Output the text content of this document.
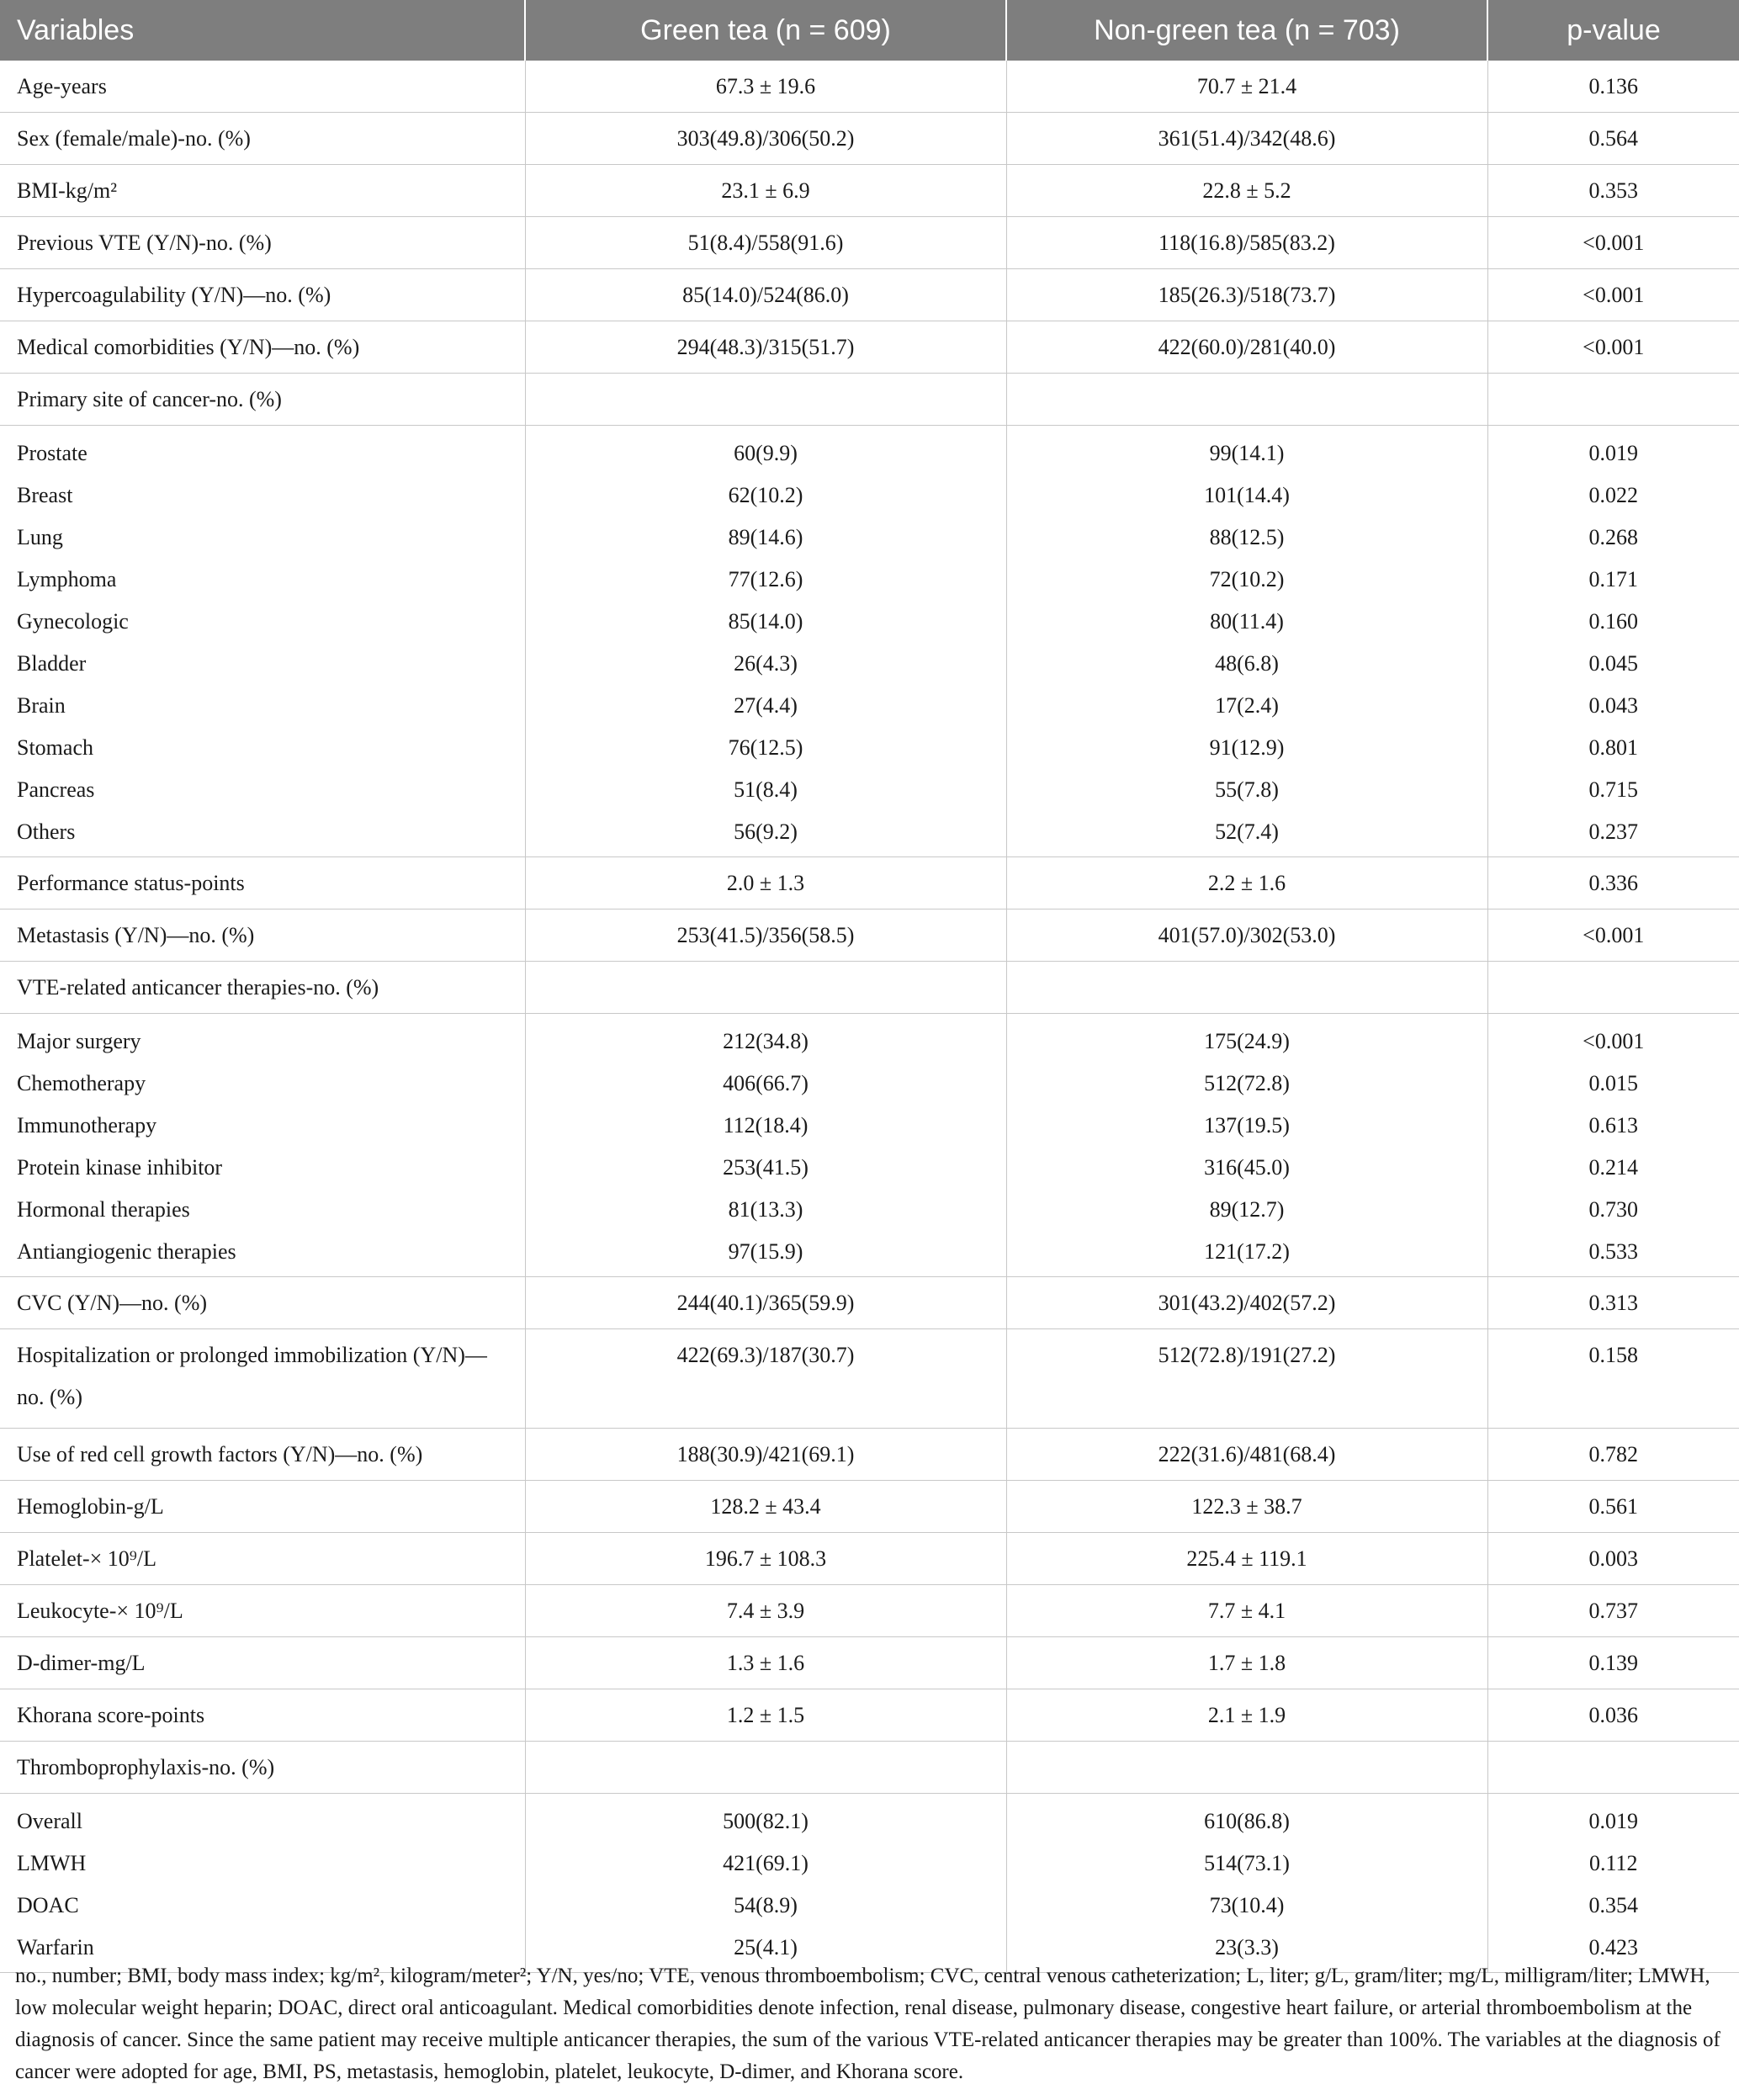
Variables	Green tea (n = 609)	Non-green tea (n = 703)	p-value
Age-years	67.3 ± 19.6	70.7 ± 21.4	0.136
Sex (female/male)-no. (%)	303(49.8)/306(50.2)	361(51.4)/342(48.6)	0.564
BMI-kg/m²	23.1 ± 6.9	22.8 ± 5.2	0.353
Previous VTE (Y/N)-no. (%)	51(8.4)/558(91.6)	118(16.8)/585(83.2)	<0.001
Hypercoagulability (Y/N)—no. (%)	85(14.0)/524(86.0)	185(26.3)/518(73.7)	<0.001
Medical comorbidities (Y/N)—no. (%)	294(48.3)/315(51.7)	422(60.0)/281(40.0)	<0.001
Primary site of cancer-no. (%)			
Prostate	60(9.9)	99(14.1)	0.019
Breast	62(10.2)	101(14.4)	0.022
Lung	89(14.6)	88(12.5)	0.268
Lymphoma	77(12.6)	72(10.2)	0.171
Gynecologic	85(14.0)	80(11.4)	0.160
Bladder	26(4.3)	48(6.8)	0.045
Brain	27(4.4)	17(2.4)	0.043
Stomach	76(12.5)	91(12.9)	0.801
Pancreas	51(8.4)	55(7.8)	0.715
Others	56(9.2)	52(7.4)	0.237
Performance status-points	2.0 ± 1.3	2.2 ± 1.6	0.336
Metastasis (Y/N)—no. (%)	253(41.5)/356(58.5)	401(57.0)/302(53.0)	<0.001
VTE-related anticancer therapies-no. (%)			
Major surgery	212(34.8)	175(24.9)	<0.001
Chemotherapy	406(66.7)	512(72.8)	0.015
Immunotherapy	112(18.4)	137(19.5)	0.613
Protein kinase inhibitor	253(41.5)	316(45.0)	0.214
Hormonal therapies	81(13.3)	89(12.7)	0.730
Antiangiogenic therapies	97(15.9)	121(17.2)	0.533
CVC (Y/N)—no. (%)	244(40.1)/365(59.9)	301(43.2)/402(57.2)	0.313
Hospitalization or prolonged immobilization (Y/N)—no. (%)	422(69.3)/187(30.7)	512(72.8)/191(27.2)	0.158
Use of red cell growth factors (Y/N)—no. (%)	188(30.9)/421(69.1)	222(31.6)/481(68.4)	0.782
Hemoglobin-g/L	128.2 ± 43.4	122.3 ± 38.7	0.561
Platelet-× 10⁹/L	196.7 ± 108.3	225.4 ± 119.1	0.003
Leukocyte-× 10⁹/L	7.4 ± 3.9	7.7 ± 4.1	0.737
D-dimer-mg/L	1.3 ± 1.6	1.7 ± 1.8	0.139
Khorana score-points	1.2 ± 1.5	2.1 ± 1.9	0.036
Thromboprophylaxis-no. (%)			
Overall	500(82.1)	610(86.8)	0.019
LMWH	421(69.1)	514(73.1)	0.112
DOAC	54(8.9)	73(10.4)	0.354
Warfarin	25(4.1)	23(3.3)	0.423
no., number; BMI, body mass index; kg/m², kilogram/meter²; Y/N, yes/no; VTE, venous thromboembolism; CVC, central venous catheterization; L, liter; g/L, gram/liter; mg/L, milligram/liter; LMWH, low molecular weight heparin; DOAC, direct oral anticoagulant. Medical comorbidities denote infection, renal disease, pulmonary disease, congestive heart failure, or arterial thromboembolism at the diagnosis of cancer. Since the same patient may receive multiple anticancer therapies, the sum of the various VTE-related anticancer therapies may be greater than 100%. The variables at the diagnosis of cancer were adopted for age, BMI, PS, metastasis, hemoglobin, platelet, leukocyte, D-dimer, and Khorana score.
